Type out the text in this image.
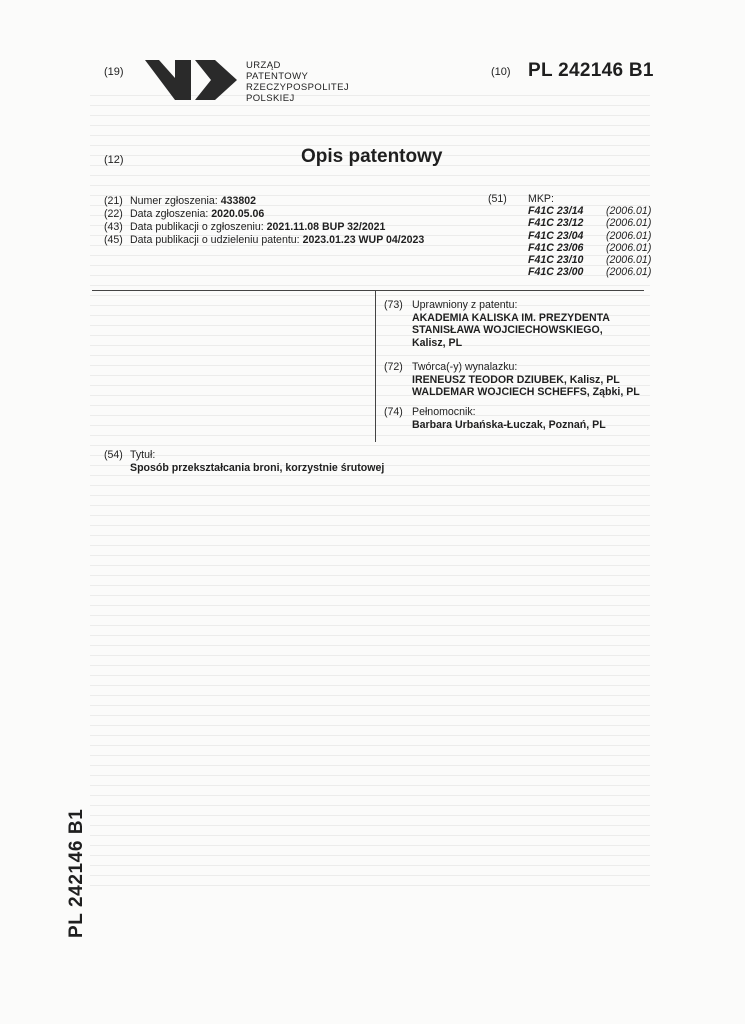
(19)
URZĄD
PATENTOWY
RZECZYPOSPOLITEJ
POLSKIEJ
(10) PL 242146 B1
(12)	Opis patentowy
(21) Numer zgłoszenia: 433802
(22) Data zgłoszenia: 2020.05.06
(43) Data publikacji o zgłoszeniu: 2021.11.08 BUP 32/2021
(45) Data publikacji o udzieleniu patentu: 2023.01.23 WUP 04/2023
(51) MKP:
F41C 23/14 (2006.01)
F41C 23/12 (2006.01)
F41C 23/04 (2006.01)
F41C 23/06 (2006.01)
F41C 23/10 (2006.01)
F41C 23/00 (2006.01)
(73) Uprawniony z patentu:
AKADEMIA KALISKA IM. PREZYDENTA
STANISŁAWA WOJCIECHOWSKIEGO,
Kalisz, PL
(72) Twórca(-y) wynalazku:
IRENEUSZ TEODOR DZIUBEK, Kalisz, PL
WALDEMAR WOJCIECH SCHEFFS, Ząbki, PL
(74) Pełnomocnik:
Barbara Urbańska-Łuczak, Poznań, PL
(54) Tytuł:
Sposób przekształcania broni, korzystnie śrutowej
PL 242146 B1
